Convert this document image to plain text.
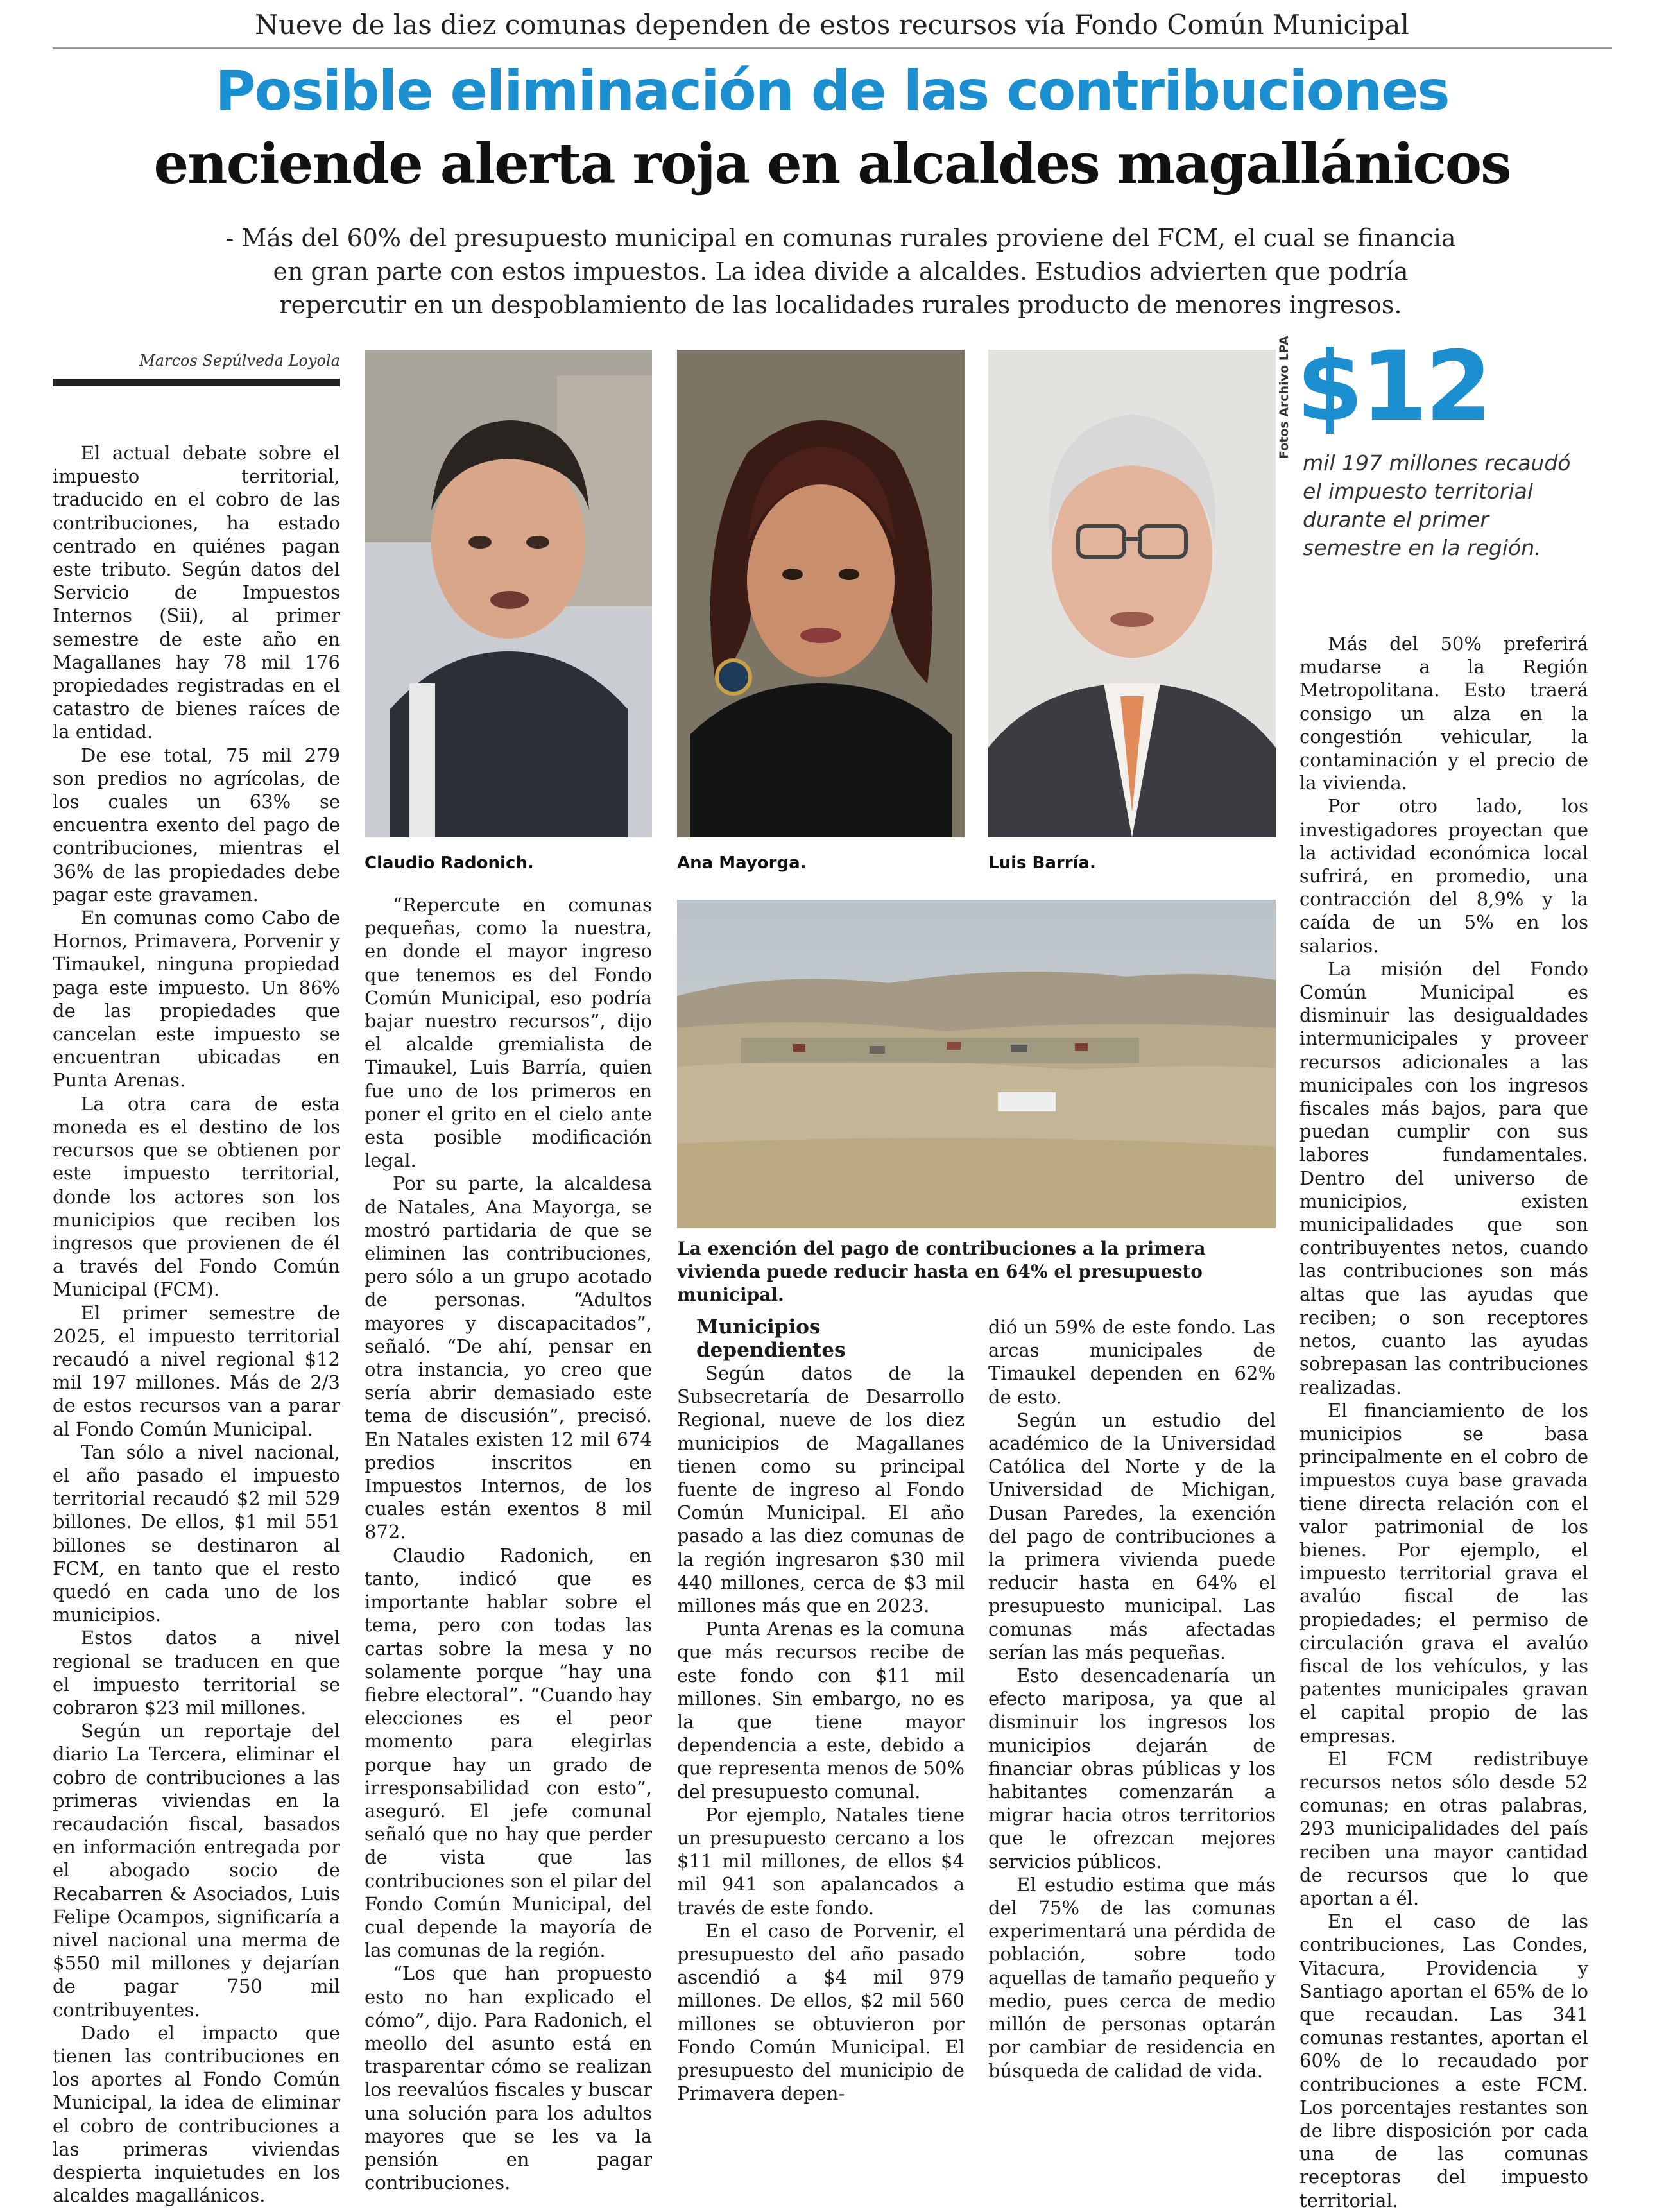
Nueve de las diez comunas dependen de estos recursos vía Fondo Común Municipal
Posible eliminación de las contribuciones
enciende alerta roja en alcaldes magallánicos
- Más del 60% del presupuesto municipal en comunas rurales proviene del FCM, el cual se financia en gran parte con estos impuestos. La idea divide a alcaldes. Estudios advierten que podría repercutir en un despoblamiento de las localidades rurales producto de menores ingresos.
Marcos Sepúlveda Loyola

El actual debate sobre el impuesto territorial, traducido en el cobro de las contribuciones, ha estado centrado en quiénes pagan este tributo. Según datos del Servicio de Impuestos Internos (Sii), al primer semestre de este año en Magallanes hay 78 mil 176 propiedades registradas en el catastro de bienes raíces de la entidad.

De ese total, 75 mil 279 son predios no agrícolas, de los cuales un 63% se encuentra exento del pago de contribuciones, mientras el 36% de las propiedades debe pagar este gravamen.

En comunas como Cabo de Hornos, Primavera, Porvenir y Timaukel, ninguna propiedad paga este impuesto. Un 86% de las propiedades que cancelan este impuesto se encuentran ubicadas en Punta Arenas.

La otra cara de esta moneda es el destino de los recursos que se obtienen por este impuesto territorial, donde los actores son los municipios que reciben los ingresos que provienen de él a través del Fondo Común Municipal (FCM).

El primer semestre de 2025, el impuesto territorial recaudó a nivel regional $12 mil 197 millones. Más de 2/3 de estos recursos van a parar al Fondo Común Municipal.

Tan sólo a nivel nacional, el año pasado el impuesto territorial recaudó $2 mil 529 billones. De ellos, $1 mil 551 billones se destinaron al FCM, en tanto que el resto quedó en cada uno de los municipios.

Estos datos a nivel regional se traducen en que el impuesto territorial se cobraron $23 mil millones.

Según un reportaje del diario La Tercera, eliminar el cobro de contribuciones a las primeras viviendas en la recaudación fiscal, basados en información entregada por el abogado socio de Recabarren & Asociados, Luis Felipe Ocampos, significaría a nivel nacional una merma de $550 mil millones y dejarían de pagar 750 mil contribuyentes.

Dado el impacto que tienen las contribuciones en los aportes al Fondo Común Municipal, la idea de eliminar el cobro de contribuciones a las primeras viviendas despierta inquietudes en los alcaldes magallánicos.

Claudio Radonich.	Ana Mayorga.	Luis Barría.
Fotos Archivo LPA $12
mil 197 millones recaudó el impuesto territorial durante el primer semestre en la región.

“Repercute en comunas pequeñas, como la nuestra, en donde el mayor ingreso que tenemos es del Fondo Común Municipal, eso podría bajar nuestro recursos”, dijo el alcalde gremialista de Timaukel, Luis Barría, quien fue uno de los primeros en poner el grito en el cielo ante esta posible modificación legal.

Por su parte, la alcaldesa de Natales, Ana Mayorga, se mostró partidaria de que se eliminen las contribuciones, pero sólo a un grupo acotado de personas. “Adultos mayores y discapacitados”, señaló. “De ahí, pensar en otra instancia, yo creo que sería abrir demasiado este tema de discusión”, precisó. En Natales existen 12 mil 674 predios inscritos en Impuestos Internos, de los cuales están exentos 8 mil 872.

Claudio Radonich, en tanto, indicó que es importante hablar sobre el tema, pero con todas las cartas sobre la mesa y no solamente porque “hay una fiebre electoral”. “Cuando hay elecciones es el peor momento para elegirlas porque hay un grado de irresponsabilidad con esto”, aseguró. El jefe comunal señaló que no hay que perder de vista que las contribuciones son el pilar del Fondo Común Municipal, del cual depende la mayoría de las comunas de la región.

“Los que han propuesto esto no han explicado el cómo”, dijo. Para Radonich, el meollo del asunto está en trasparentar cómo se realizan los reevalúos fiscales y buscar una solución para los adultos mayores que se les va la pensión en pagar contribuciones.

La exención del pago de contribuciones a la primera vivienda puede reducir hasta en 64% el presupuesto municipal.
Municipios dependientes

Según datos de la Subsecretaría de Desarrollo Regional, nueve de los diez municipios de Magallanes tienen como su principal fuente de ingreso al Fondo Común Municipal. El año pasado a las diez comunas de la región ingresaron $30 mil 440 millones, cerca de $3 mil millones más que en 2023.

Punta Arenas es la comuna que más recursos recibe de este fondo con $11 mil millones. Sin embargo, no es la que tiene mayor dependencia a este, debido a que representa menos de 50% del presupuesto comunal.

Por ejemplo, Natales tiene un presupuesto cercano a los $11 mil millones, de ellos $4 mil 941 son apalancados a través de este fondo.

En el caso de Porvenir, el presupuesto del año pasado ascendió a $4 mil 979 millones. De ellos, $2 mil 560 millones se obtuvieron por Fondo Común Municipal. El presupuesto del municipio de Primavera depen-

dió un 59% de este fondo. Las arcas municipales de Timaukel dependen en 62% de esto.

Según un estudio del académico de la Universidad Católica del Norte y de la Universidad de Michigan, Dusan Paredes, la exención del pago de contribuciones a la primera vivienda puede reducir hasta en 64% el presupuesto municipal. Las comunas más afectadas serían las más pequeñas.

Esto desencadenaría un efecto mariposa, ya que al disminuir los ingresos los municipios dejarán de financiar obras públicas y los habitantes comenzarán a migrar hacia otros territorios que le ofrezcan mejores servicios públicos.

El estudio estima que más del 75% de las comunas experimentará una pérdida de población, sobre todo aquellas de tamaño pequeño y medio, pues cerca de medio millón de personas optarán por cambiar de residencia en búsqueda de calidad de vida.

Más del 50% preferirá mudarse a la Región Metropolitana. Esto traerá consigo un alza en la congestión vehicular, la contaminación y el precio de la vivienda.

Por otro lado, los investigadores proyectan que la actividad económica local sufrirá, en promedio, una contracción del 8,9% y la caída de un 5% en los salarios.

La misión del Fondo Común Municipal es disminuir las desigualdades intermunicipales y proveer recursos adicionales a las municipales con los ingresos fiscales más bajos, para que puedan cumplir con sus labores fundamentales. Dentro del universo de municipios, existen municipalidades que son contribuyentes netos, cuando las contribuciones son más altas que las ayudas que reciben; o son receptores netos, cuanto las ayudas sobrepasan las contribuciones realizadas.

El financiamiento de los municipios se basa principalmente en el cobro de impuestos cuya base gravada tiene directa relación con el valor patrimonial de los bienes. Por ejemplo, el impuesto territorial grava el avalúo fiscal de las propiedades; el permiso de circulación grava el avalúo fiscal de los vehículos, y las patentes municipales gravan el capital propio de las empresas.

El FCM redistribuye recursos netos sólo desde 52 comunas; en otras palabras, 293 municipalidades del país reciben una mayor cantidad de recursos que lo que aportan a él.

En el caso de las contribuciones, Las Condes, Vitacura, Providencia y Santiago aportan el 65% de lo que recaudan. Las 341 comunas restantes, aportan el 60% de lo recaudado por contribuciones a este FCM. Los porcentajes restantes son de libre disposición por cada una de las comunas receptoras del impuesto territorial.
